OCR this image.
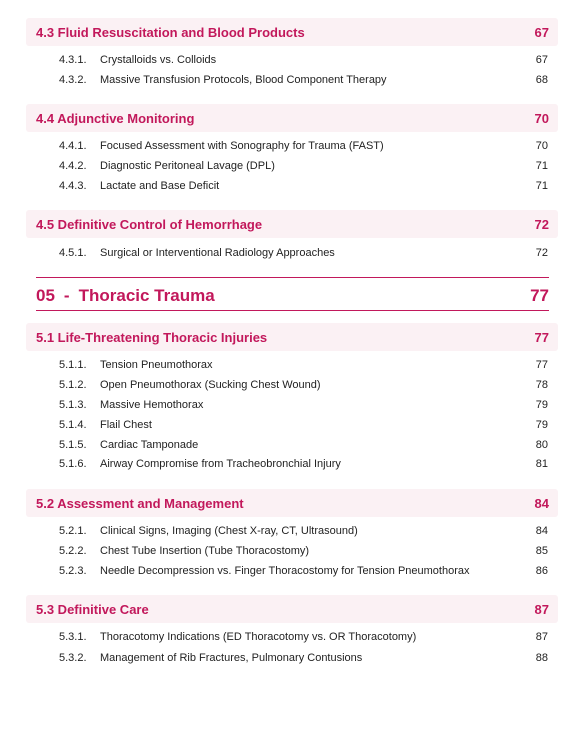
4.3 Fluid Resuscitation and Blood Products	67
4.3.1.	Crystalloids vs. Colloids	67
4.3.2.	Massive Transfusion Protocols, Blood Component Therapy	68
4.4 Adjunctive Monitoring	70
4.4.1.	Focused Assessment with Sonography for Trauma (FAST)	70
4.4.2.	Diagnostic Peritoneal Lavage (DPL)	71
4.4.3.	Lactate and Base Deficit	71
4.5 Definitive Control of Hemorrhage	72
4.5.1.	Surgical or Interventional Radiology Approaches	72
05 - Thoracic Trauma	77
5.1 Life-Threatening Thoracic Injuries	77
5.1.1.	Tension Pneumothorax	77
5.1.2.	Open Pneumothorax (Sucking Chest Wound)	78
5.1.3.	Massive Hemothorax	79
5.1.4.	Flail Chest	79
5.1.5.	Cardiac Tamponade	80
5.1.6.	Airway Compromise from Tracheobronchial Injury	81
5.2 Assessment and Management	84
5.2.1.	Clinical Signs, Imaging (Chest X-ray, CT, Ultrasound)	84
5.2.2.	Chest Tube Insertion (Tube Thoracostomy)	85
5.2.3.	Needle Decompression vs. Finger Thoracostomy for Tension Pneumothorax	86
5.3 Definitive Care	87
5.3.1.	Thoracotomy Indications (ED Thoracotomy vs. OR Thoracotomy)	87
5.3.2.	Management of Rib Fractures, Pulmonary Contusions	88
